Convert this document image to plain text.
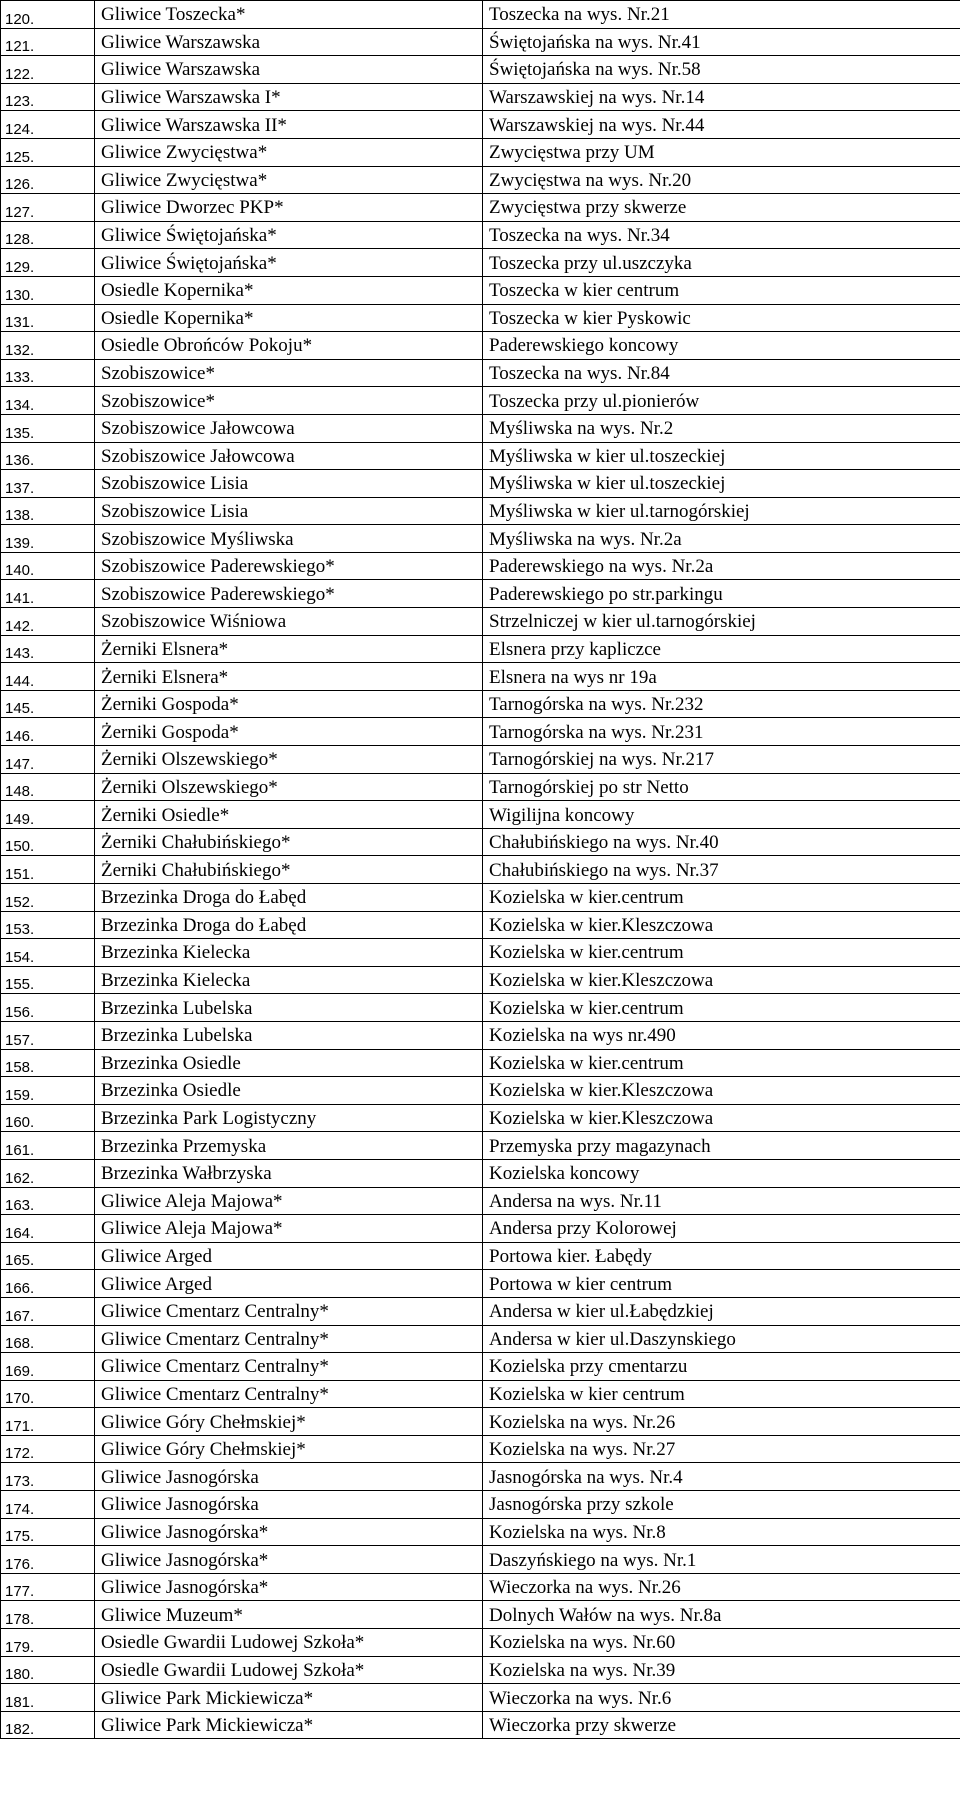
120.	Gliwice Toszecka*	Toszecka na wys. Nr.21
121.	Gliwice Warszawska	Świętojańska na wys. Nr.41
122.	Gliwice Warszawska	Świętojańska na wys. Nr.58
123.	Gliwice Warszawska I*	Warszawskiej na wys. Nr.14
124.	Gliwice Warszawska II*	Warszawskiej na wys. Nr.44
125.	Gliwice Zwycięstwa*	Zwycięstwa przy UM
126.	Gliwice Zwycięstwa*	Zwycięstwa na wys. Nr.20
127.	Gliwice Dworzec PKP*	Zwycięstwa przy skwerze
128.	Gliwice Świętojańska*	Toszecka na wys. Nr.34
129.	Gliwice Świętojańska*	Toszecka przy ul.uszczyka
130.	Osiedle Kopernika*	Toszecka w kier centrum
131.	Osiedle Kopernika*	Toszecka w kier Pyskowic
132.	Osiedle Obrońców Pokoju*	Paderewskiego koncowy
133.	Szobiszowice*	Toszecka na wys. Nr.84
134.	Szobiszowice*	Toszecka przy ul.pionierów
135.	Szobiszowice Jałowcowa	Myśliwska na wys. Nr.2
136.	Szobiszowice Jałowcowa	Myśliwska w kier ul.toszeckiej
137.	Szobiszowice Lisia	Myśliwska w kier ul.toszeckiej
138.	Szobiszowice Lisia	Myśliwska w kier ul.tarnogórskiej
139.	Szobiszowice Myśliwska	Myśliwska na wys. Nr.2a
140.	Szobiszowice Paderewskiego*	Paderewskiego na wys. Nr.2a
141.	Szobiszowice Paderewskiego*	Paderewskiego po str.parkingu
142.	Szobiszowice Wiśniowa	Strzelniczej w kier ul.tarnogórskiej
143.	Żerniki Elsnera*	Elsnera przy kapliczce
144.	Żerniki Elsnera*	Elsnera na wys nr 19a
145.	Żerniki Gospoda*	Tarnogórska na wys. Nr.232
146.	Żerniki Gospoda*	Tarnogórska na wys. Nr.231
147.	Żerniki Olszewskiego*	Tarnogórskiej na wys. Nr.217
148.	Żerniki Olszewskiego*	Tarnogórskiej po str Netto
149.	Żerniki Osiedle*	Wigilijna koncowy
150.	Żerniki Chałubińskiego*	Chałubińskiego na wys. Nr.40
151.	Żerniki Chałubińskiego*	Chałubińskiego na wys. Nr.37
152.	Brzezinka Droga do Łabęd	Kozielska w kier.centrum
153.	Brzezinka Droga do Łabęd	Kozielska w kier.Kleszczowa
154.	Brzezinka Kielecka	Kozielska w kier.centrum
155.	Brzezinka Kielecka	Kozielska w kier.Kleszczowa
156.	Brzezinka Lubelska	Kozielska w kier.centrum
157.	Brzezinka Lubelska	Kozielska na wys nr.490
158.	Brzezinka Osiedle	Kozielska w kier.centrum
159.	Brzezinka Osiedle	Kozielska w kier.Kleszczowa
160.	Brzezinka Park Logistyczny	Kozielska w kier.Kleszczowa
161.	Brzezinka Przemyska	Przemyska przy magazynach
162.	Brzezinka Wałbrzyska	Kozielska koncowy
163.	Gliwice Aleja Majowa*	Andersa na wys. Nr.11
164.	Gliwice Aleja Majowa*	Andersa przy Kolorowej
165.	Gliwice Arged	Portowa kier. Łabędy
166.	Gliwice Arged	Portowa w kier centrum
167.	Gliwice Cmentarz Centralny*	Andersa w kier ul.Łabędzkiej
168.	Gliwice Cmentarz Centralny*	Andersa w kier ul.Daszynskiego
169.	Gliwice Cmentarz Centralny*	Kozielska przy cmentarzu
170.	Gliwice Cmentarz Centralny*	Kozielska w kier centrum
171.	Gliwice Góry Chełmskiej*	Kozielska na wys. Nr.26
172.	Gliwice Góry Chełmskiej*	Kozielska na wys. Nr.27
173.	Gliwice Jasnogórska	Jasnogórska na wys. Nr.4
174.	Gliwice Jasnogórska	Jasnogórska przy szkole
175.	Gliwice Jasnogórska*	Kozielska na wys. Nr.8
176.	Gliwice Jasnogórska*	Daszyńskiego na wys. Nr.1
177.	Gliwice Jasnogórska*	Wieczorka na wys. Nr.26
178.	Gliwice Muzeum*	Dolnych Wałów na wys. Nr.8a
179.	Osiedle Gwardii Ludowej Szkoła*	Kozielska na wys. Nr.60
180.	Osiedle Gwardii Ludowej Szkoła*	Kozielska na wys. Nr.39
181.	Gliwice Park Mickiewicza*	Wieczorka na wys. Nr.6
182.	Gliwice Park Mickiewicza*	Wieczorka przy skwerze
